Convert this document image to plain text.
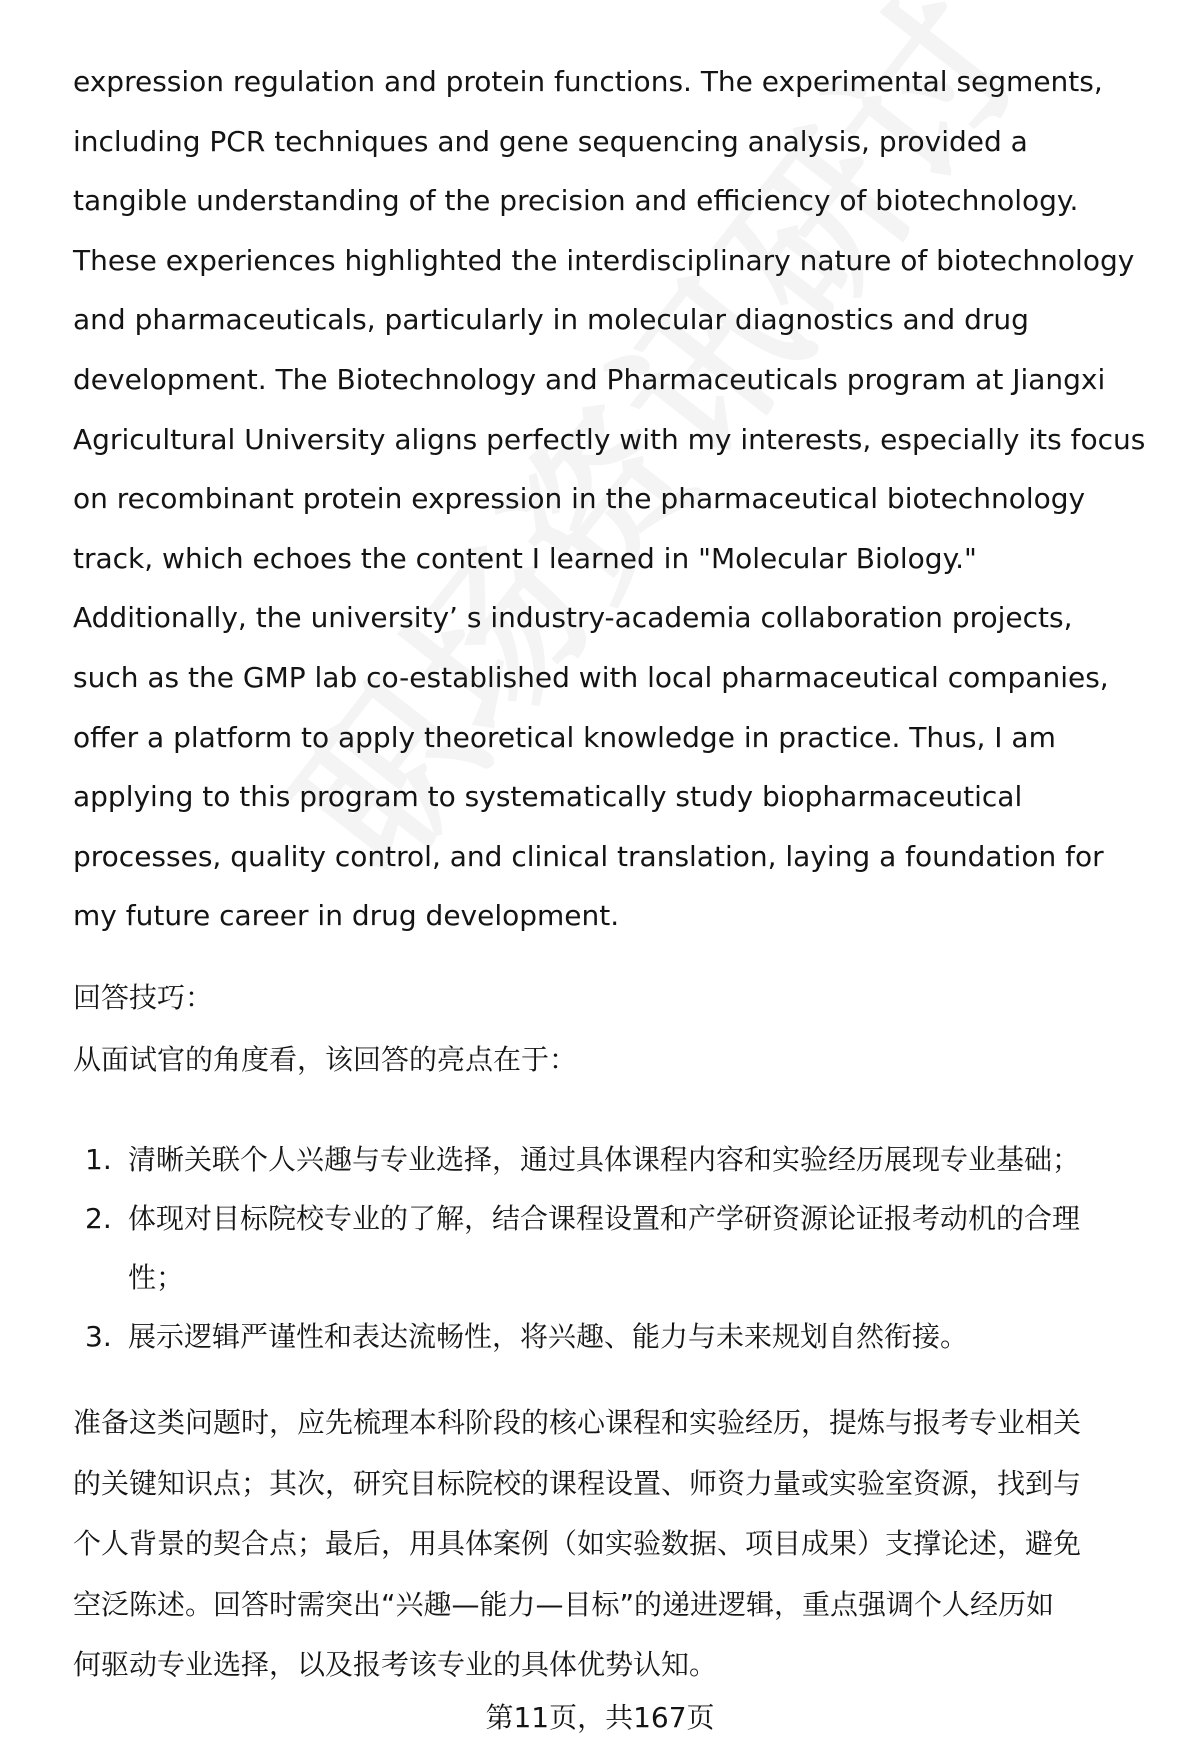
expression regulation and protein functions. The experimental segments,
including PCR techniques and gene sequencing analysis, provided a
tangible understanding of the precision and efficiency of biotechnology.
These experiences highlighted the interdisciplinary nature of biotechnology
and pharmaceuticals, particularly in molecular diagnostics and drug
development. The Biotechnology and Pharmaceuticals program at Jiangxi
Agricultural University aligns perfectly with my interests, especially its focus
on recombinant protein expression in the pharmaceutical biotechnology
track, which echoes the content I learned in "Molecular Biology."
Additionally, the university’ s industry-academia collaboration projects,
such as the GMP lab co-established with local pharmaceutical companies,
offer a platform to apply theoretical knowledge in practice. Thus, I am
applying to this program to systematically study biopharmaceutical
processes, quality control, and clinical translation, laying a foundation for
my future career in drug development.

回答技巧：

从面试官的角度看，该回答的亮点在于：

1. 清晰关联个人兴趣与专业选择，通过具体课程内容和实验经历展现专业基础；
2. 体现对目标院校专业的了解，结合课程设置和产学研资源论证报考动机的合理
性；
3. 展示逻辑严谨性和表达流畅性，将兴趣、能力与未来规划自然衔接。
准备这类问题时，应先梳理本科阶段的核心课程和实验经历，提炼与报考专业相关
的关键知识点；其次，研究目标院校的课程设置、师资力量或实验室资源，找到与
个人背景的契合点；最后，用具体案例（如实验数据、项目成果）支撑论述，避免
空泛陈述。回答时需突出“兴趣—能力—目标”的递进逻辑，重点强调个人经历如
何驱动专业选择，以及报考该专业的具体优势认知。
第11页，共167页
